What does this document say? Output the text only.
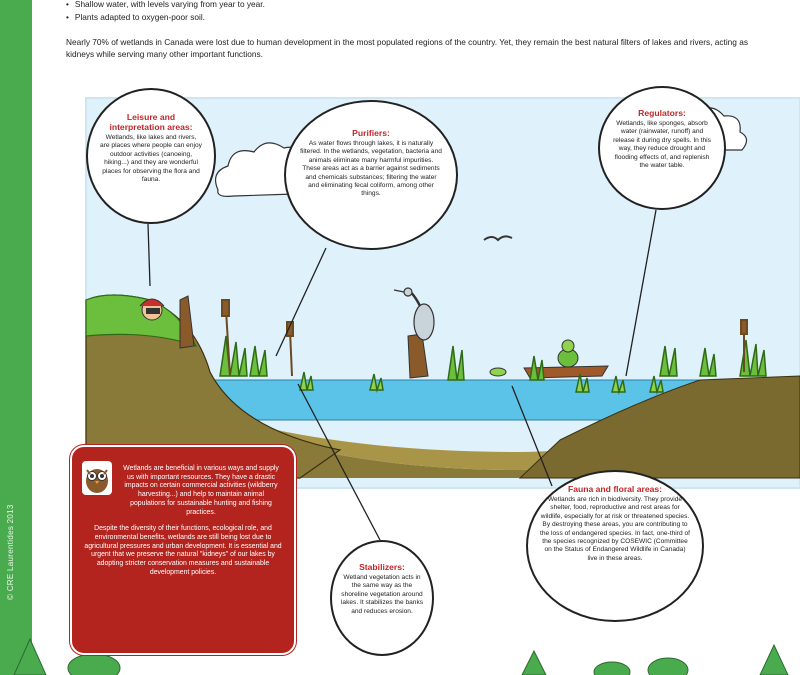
© CRE Laurentides 2013
• Shallow water, with levels varying from year to year.
• Plants adapted to oxygen-poor soil.
Nearly 70% of wetlands in Canada were lost due to human development in the most populated regions of the country. Yet, they remain the best natural filters of lakes and rivers, acting as kidneys while serving many other important functions.
Leisure and interpretation areas:

Wetlands, like lakes and rivers, are places where people can enjoy outdoor activities (canoeing, hiking...) and they are wonderful places for observing the flora and fauna.

Purifiers:

As water flows through lakes, it is naturally filtered. In the wetlands, vegetation, bacteria and animals eliminate many harmful impurities. These areas act as a barrier against sediments and chemicals substances; filtering the water and eliminating fecal coliform, among other things.

Regulators:

Wetlands, like sponges, absorb water (rainwater, runoff) and release it during dry spells. In this way, they reduce drought and flooding effects of, and replenish the water table.

Fauna and floral areas:

Wetlands are rich in biodiversity. They provide shelter, food, reproductive and rest areas for wildlife, especially for at risk or threatened species. By destroying these areas, you are contributing to the loss of endangered species. In fact, one-third of the species recognized by COSEWIC (Committee on the Status of Endangered Wildlife in Canada) live in these areas.

Stabilizers:

Wetland vegetation acts in the same way as the shoreline vegetation around lakes. It stabilizes the banks and reduces erosion.

Wetlands are beneficial in various ways and supply us with important resources. They have a drastic impacts on certain commercial activities (wildberry harvesting...) and help to maintain animal populations for sustainable hunting and fishing practices.

Despite the diversity of their functions, ecological role, and environmental benefits, wetlands are still being lost due to agricultural pressures and urban development. It is essential and urgent that we preserve the natural "kidneys" of our lakes by adopting stricter conservation measures and sustainable development policies.
